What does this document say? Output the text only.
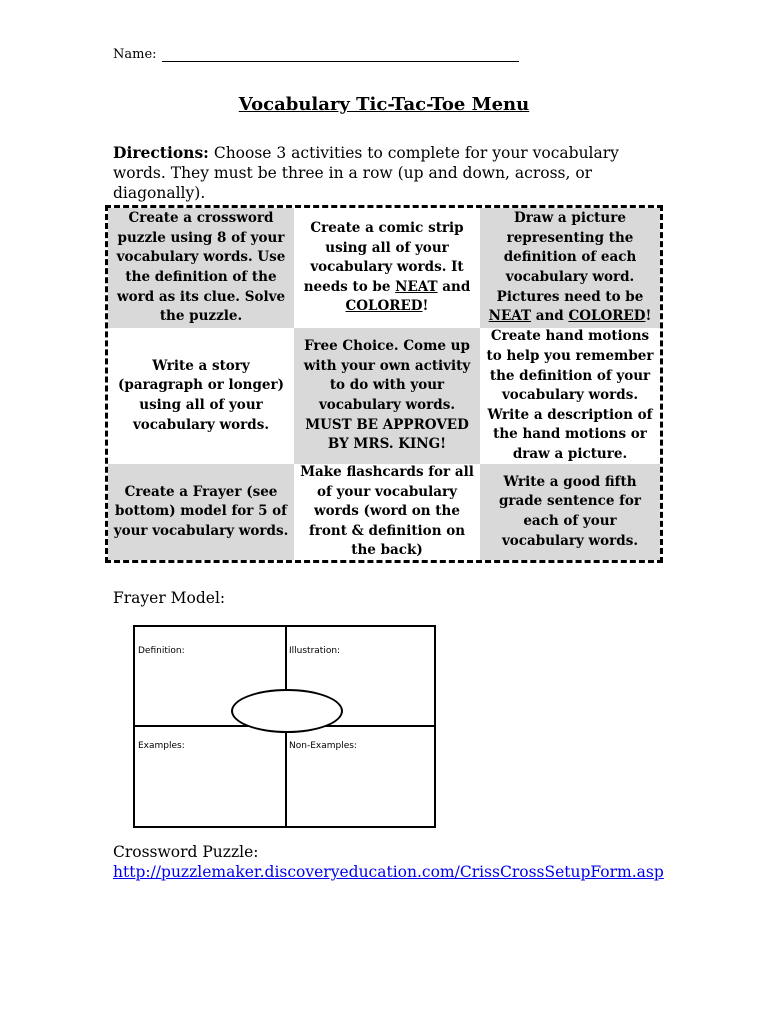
Name:
Vocabulary Tic-Tac-Toe Menu
Directions: Choose 3 activities to complete for your vocabulary words. They must be three in a row (up and down, across, or diagonally).
Create a crossword puzzle using 8 of your vocabulary words. Use the definition of the word as its clue. Solve the puzzle.
Create a comic strip using all of your vocabulary words. It needs to be NEAT and COLORED!
Draw a picture representing the definition of each vocabulary word. Pictures need to be NEAT and COLORED!
Write a story (paragraph or longer) using all of your vocabulary words.
Free Choice. Come up with your own activity to do with your vocabulary words. MUST BE APPROVED BY MRS. KING!
Create hand motions to help you remember the definition of your vocabulary words. Write a description of the hand motions or draw a picture.
Create a Frayer (see bottom) model for 5 of your vocabulary words.
Make flashcards for all of your vocabulary words (word on the front & definition on the back)
Write a good fifth grade sentence for each of your vocabulary words.
Frayer Model:
Definition:	Illustration:
Examples:	Non-Examples:
Crossword Puzzle:
http://puzzlemaker.discoveryeducation.com/CrissCrossSetupForm.asp
